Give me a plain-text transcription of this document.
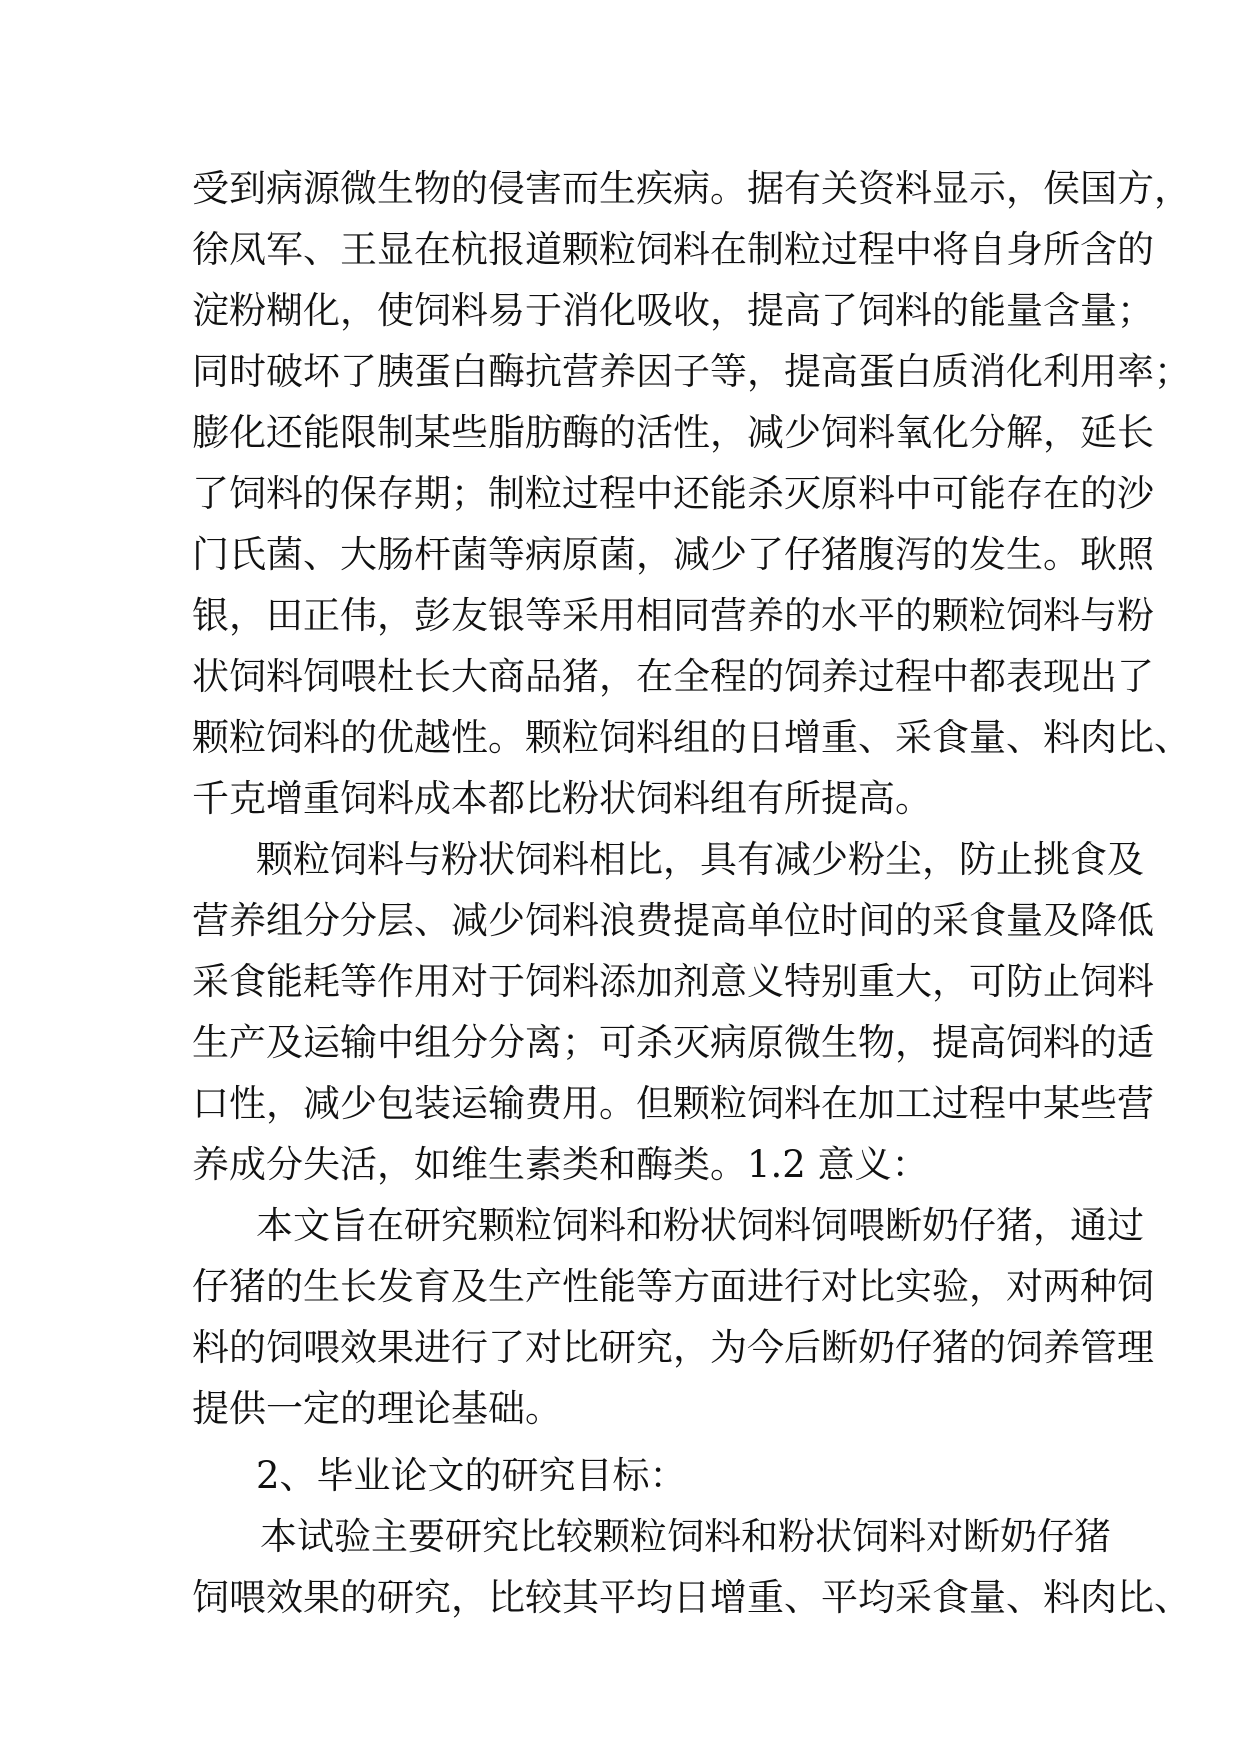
受到病源微生物的侵害而生疾病。据有关资料显示，侯国方，
徐凤军、王显在杭报道颗粒饲料在制粒过程中将自身所含的
淀粉糊化，使饲料易于消化吸收，提高了饲料的能量含量；
同时破坏了胰蛋白酶抗营养因子等，提高蛋白质消化利用率；
膨化还能限制某些脂肪酶的活性，减少饲料氧化分解，延长
了饲料的保存期；制粒过程中还能杀灭原料中可能存在的沙
门氏菌、大肠杆菌等病原菌，减少了仔猪腹泻的发生。耿照
银，田正伟，彭友银等采用相同营养的水平的颗粒饲料与粉
状饲料饲喂杜长大商品猪，在全程的饲养过程中都表现出了
颗粒饲料的优越性。颗粒饲料组的日增重、采食量、料肉比、
千克增重饲料成本都比粉状饲料组有所提高。
颗粒饲料与粉状饲料相比，具有减少粉尘，防止挑食及
营养组分分层、减少饲料浪费提高单位时间的采食量及降低
采食能耗等作用对于饲料添加剂意义特别重大，可防止饲料
生产及运输中组分分离；可杀灭病原微生物，提高饲料的适
口性，减少包装运输费用。但颗粒饲料在加工过程中某些营
养成分失活，如维生素类和酶类。1.2 意义：
本文旨在研究颗粒饲料和粉状饲料饲喂断奶仔猪，通过
仔猪的生长发育及生产性能等方面进行对比实验，对两种饲
料的饲喂效果进行了对比研究，为今后断奶仔猪的饲养管理
提供一定的理论基础。
2、毕业论文的研究目标：
本试验主要研究比较颗粒饲料和粉状饲料对断奶仔猪
饲喂效果的研究，比较其平均日增重、平均采食量、料肉比、
